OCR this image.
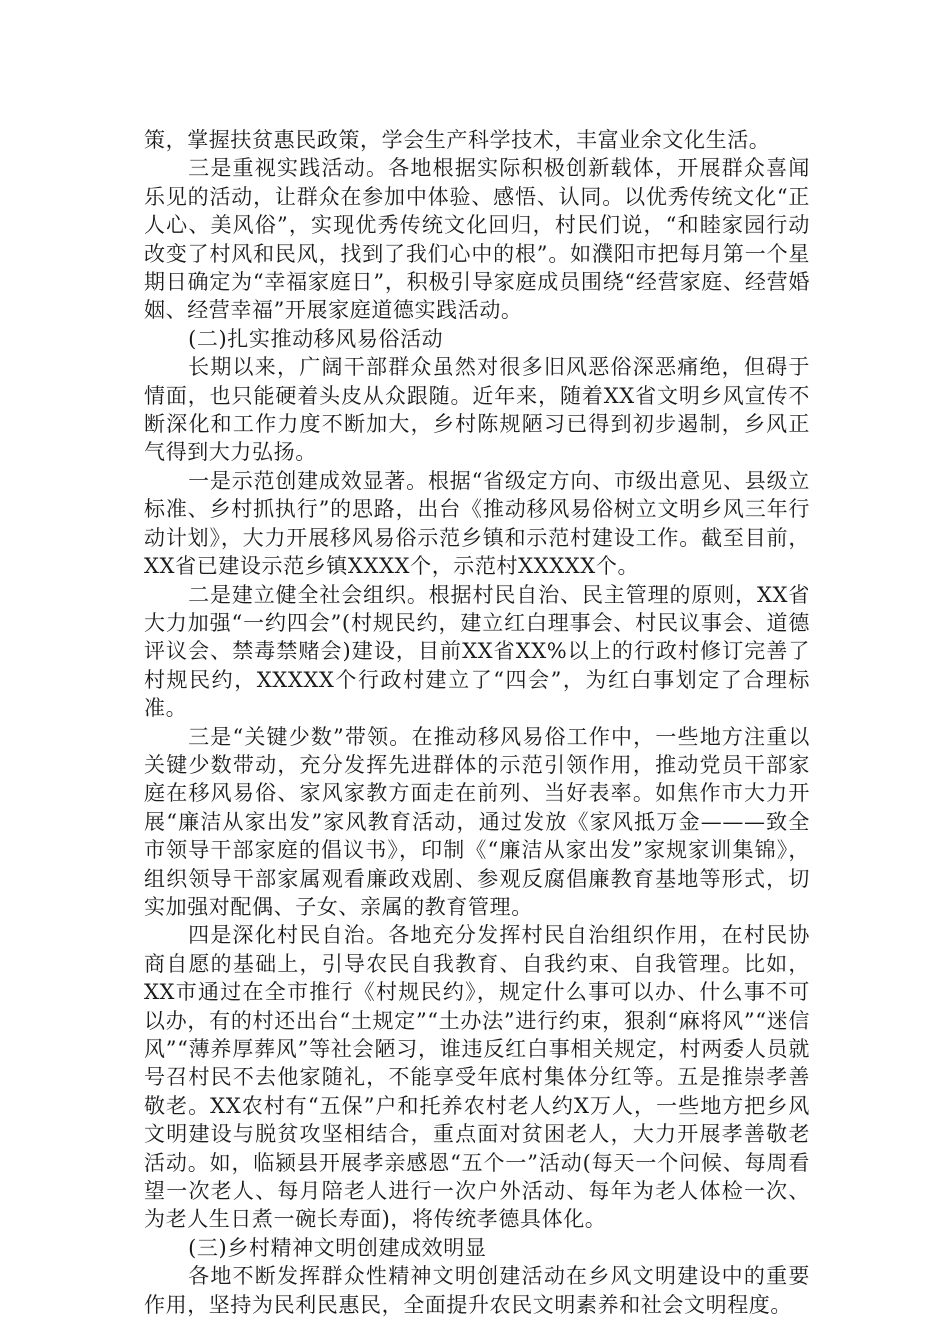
策，掌握扶贫惠民政策，学会生产科学技术，丰富业余文化生活。

三是重视实践活动。各地根据实际积极创新载体，开展群众喜闻乐见的活动，让群众在参加中体验、感悟、认同。以优秀传统文化“正人心、美风俗”，实现优秀传统文化回归，村民们说，“和睦家园行动改变了村风和民风，找到了我们心中的根”。如濮阳市把每月第一个星期日确定为“幸福家庭日”，积极引导家庭成员围绕“经营家庭、经营婚姻、经营幸福”开展家庭道德实践活动。

(二)扎实推动移风易俗活动

长期以来，广阔干部群众虽然对很多旧风恶俗深恶痛绝，但碍于情面，也只能硬着头皮从众跟随。近年来，随着XX省文明乡风宣传不断深化和工作力度不断加大，乡村陈规陋习已得到初步遏制，乡风正气得到大力弘扬。

一是示范创建成效显著。根据“省级定方向、市级出意见、县级立标准、乡村抓执行”的思路，出台《推动移风易俗树立文明乡风三年行动计划》，大力开展移风易俗示范乡镇和示范村建设工作。截至目前，XX省已建设示范乡镇XXXX个，示范村XXXXX个。

二是建立健全社会组织。根据村民自治、民主管理的原则，XX省大力加强“一约四会”(村规民约，建立红白理事会、村民议事会、道德评议会、禁毒禁赌会)建设，目前XX省XX%以上的行政村修订完善了村规民约，XXXXX个行政村建立了“四会”，为红白事划定了合理标准。

三是“关键少数”带领。在推动移风易俗工作中，一些地方注重以关键少数带动，充分发挥先进群体的示范引领作用，推动党员干部家庭在移风易俗、家风家教方面走在前列、当好表率。如焦作市大力开展“廉洁从家出发”家风教育活动，通过发放《家风抵万金———致全市领导干部家庭的倡议书》，印制《“廉洁从家出发”家规家训集锦》，组织领导干部家属观看廉政戏剧、参观反腐倡廉教育基地等形式，切实加强对配偶、子女、亲属的教育管理。

四是深化村民自治。各地充分发挥村民自治组织作用，在村民协商自愿的基础上，引导农民自我教育、自我约束、自我管理。比如，XX市通过在全市推行《村规民约》，规定什么事可以办、什么事不可以办，有的村还出台“土规定”“土办法”进行约束，狠刹“麻将风”“迷信风”“薄养厚葬风”等社会陋习，谁违反红白事相关规定，村两委人员就号召村民不去他家随礼，不能享受年底村集体分红等。五是推崇孝善敬老。XX农村有“五保”户和托养农村老人约X万人，一些地方把乡风文明建设与脱贫攻坚相结合，重点面对贫困老人，大力开展孝善敬老活动。如，临颍县开展孝亲感恩“五个一”活动(每天一个问候、每周看望一次老人、每月陪老人进行一次户外活动、每年为老人体检一次、为老人生日煮一碗长寿面)，将传统孝德具体化。

(三)乡村精神文明创建成效明显

各地不断发挥群众性精神文明创建活动在乡风文明建设中的重要作用，坚持为民利民惠民，全面提升农民文明素养和社会文明程度。
